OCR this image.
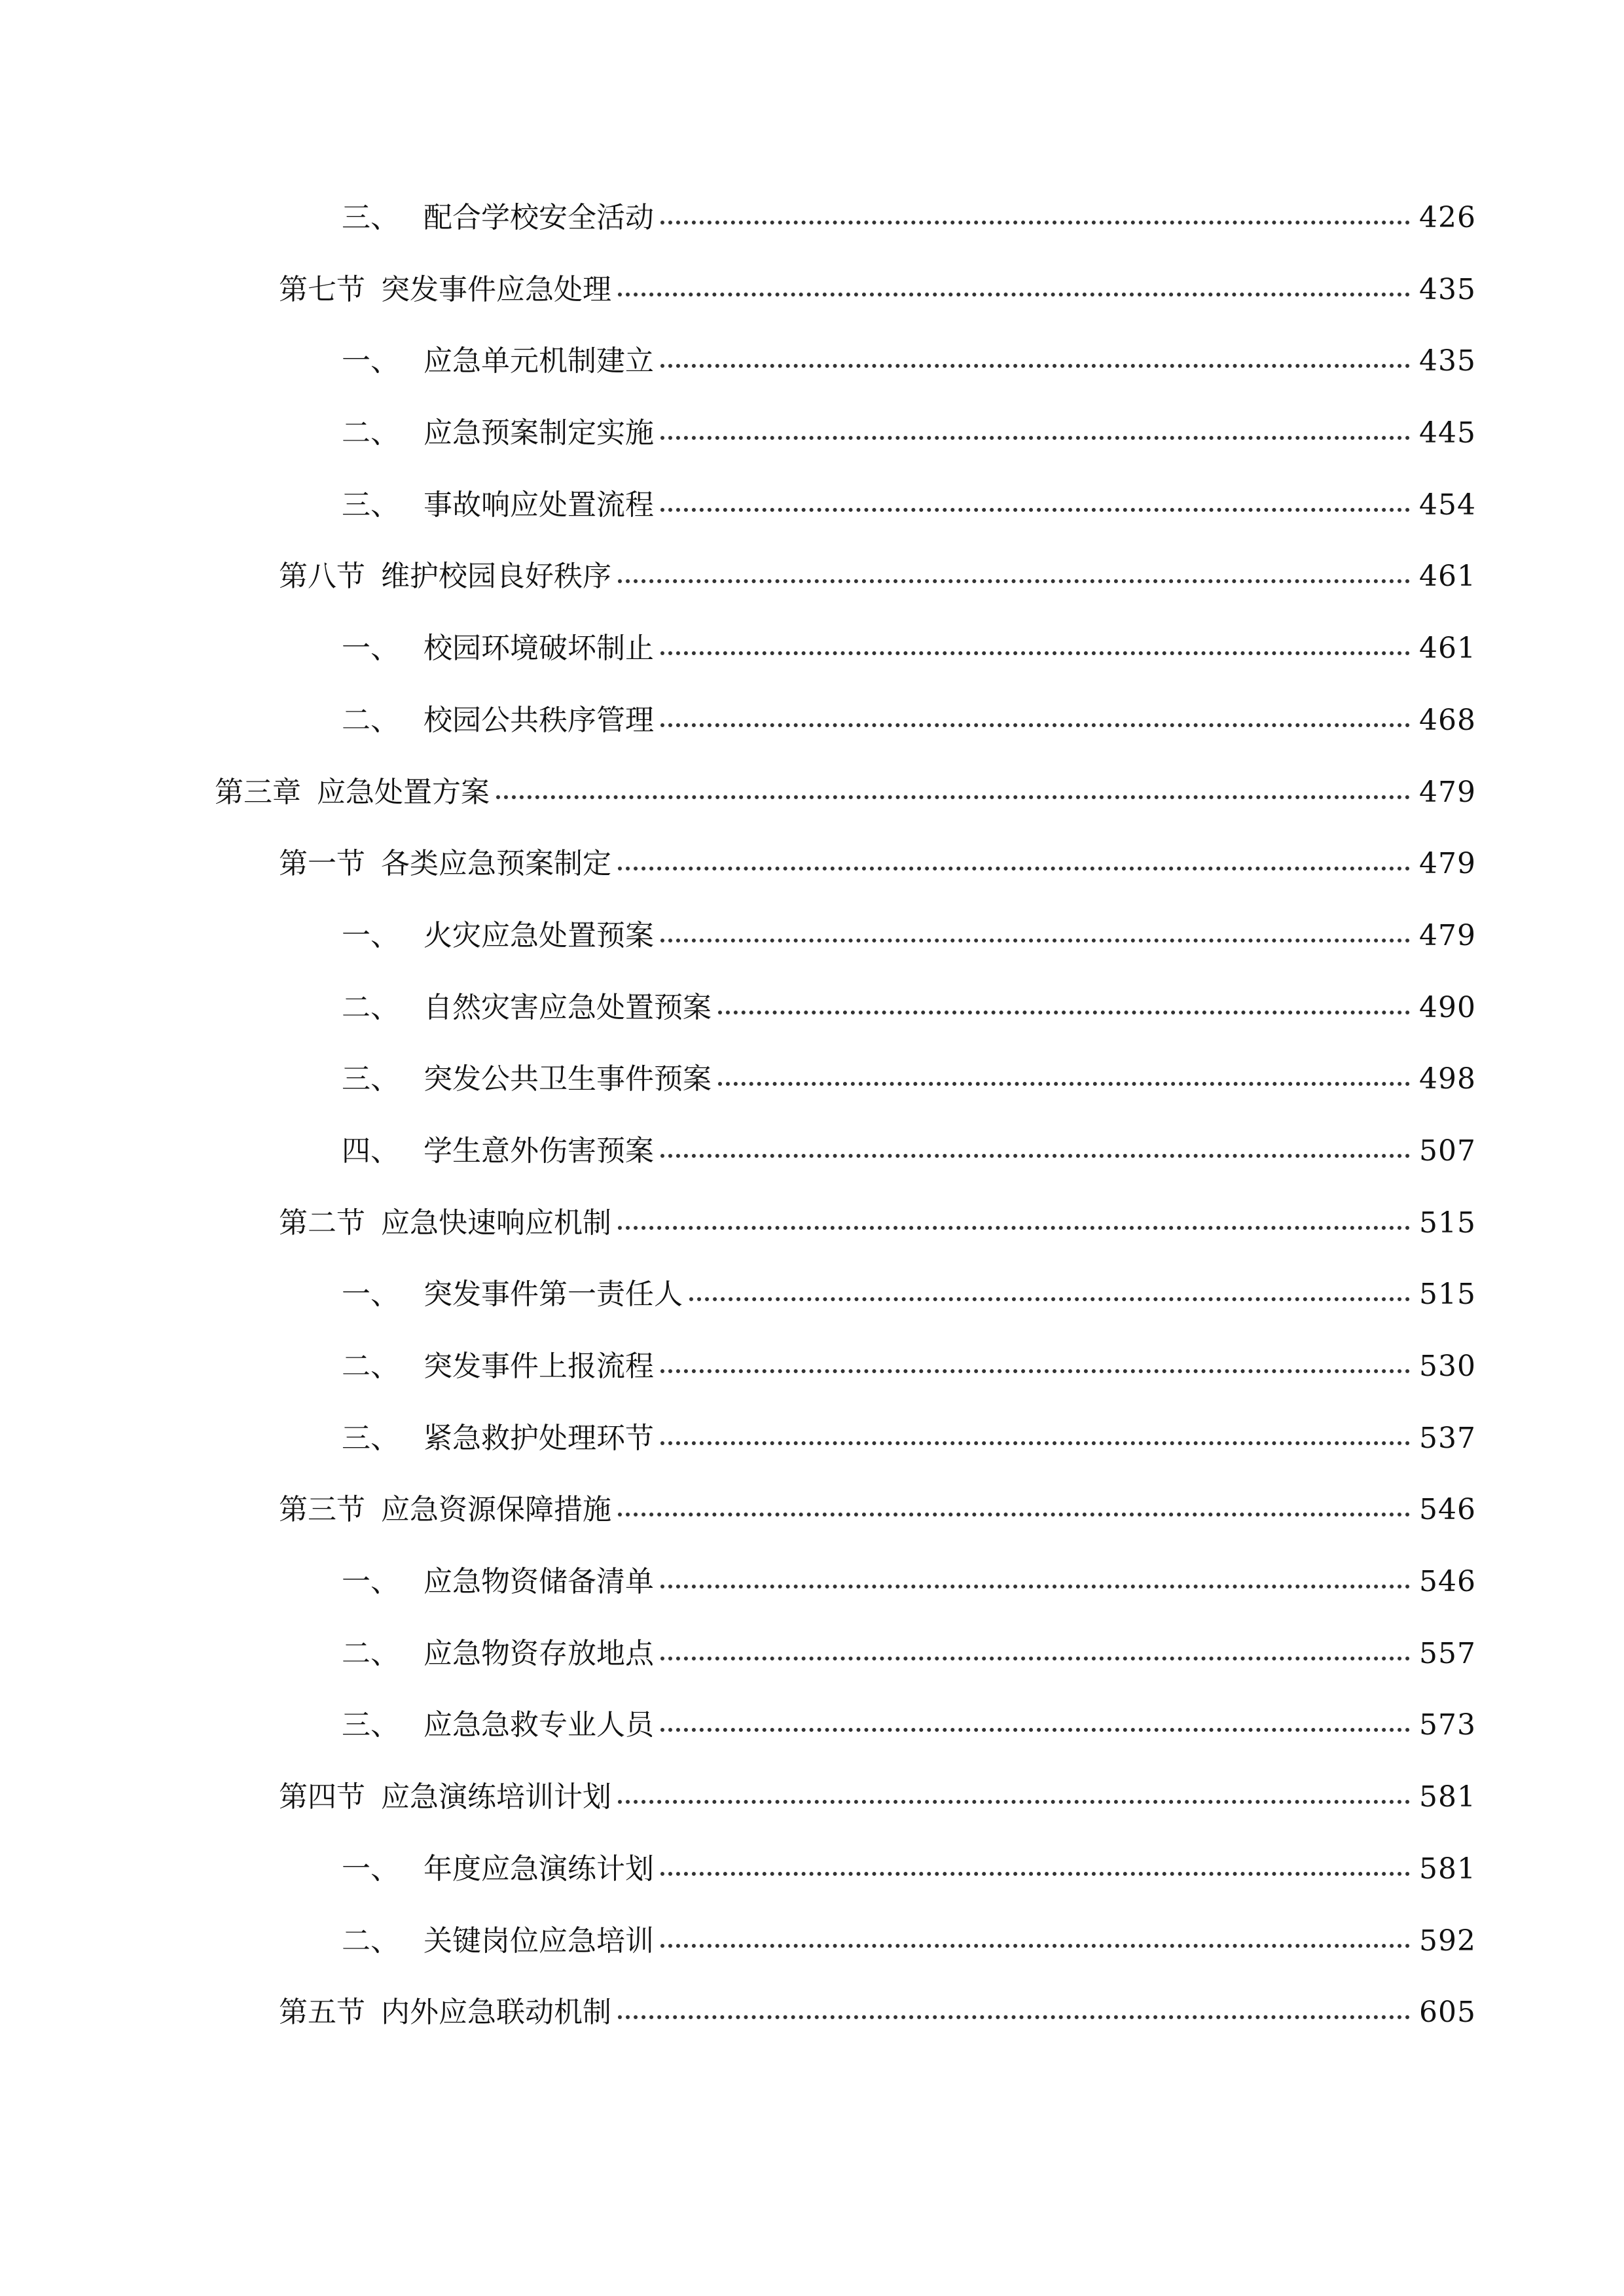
三、 配合学校安全活动	426
第七节 突发事件应急处理	435
一、 应急单元机制建立	435
二、 应急预案制定实施	445
三、 事故响应处置流程	454
第八节 维护校园良好秩序	461
一、 校园环境破坏制止	461
二、 校园公共秩序管理	468
第三章 应急处置方案	479
第一节 各类应急预案制定	479
一、 火灾应急处置预案	479
二、 自然灾害应急处置预案	490
三、 突发公共卫生事件预案	498
四、 学生意外伤害预案	507
第二节 应急快速响应机制	515
一、 突发事件第一责任人	515
二、 突发事件上报流程	530
三、 紧急救护处理环节	537
第三节 应急资源保障措施	546
一、 应急物资储备清单	546
二、 应急物资存放地点	557
三、 应急急救专业人员	573
第四节 应急演练培训计划	581
一、 年度应急演练计划	581
二、 关键岗位应急培训	592
第五节 内外应急联动机制	605
